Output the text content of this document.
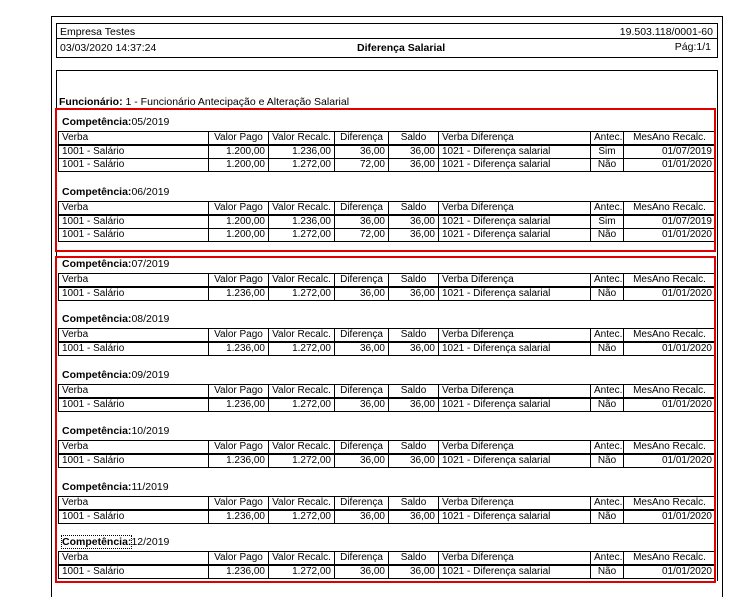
Empresa Testes	19.503.118/0001-60
03/03/2020 14:37:24	Diferença Salarial	Pág:1/1
Funcionário: 1 - Funcionário Antecipação e Alteração Salarial
Competência:05/2019
Verba	Valor Pago	Valor Recalc.	Diferença	Saldo	Verba Diferença	Antec.	MesAno Recalc.
1001 - Salário	1.200,00	1.236,00	36,00	36,00	1021 - Diferença salarial	Sim	01/07/2019
1001 - Salário	1.200,00	1.272,00	72,00	36,00	1021 - Diferença salarial	Não	01/01/2020
Competência:06/2019
Verba	Valor Pago	Valor Recalc.	Diferença	Saldo	Verba Diferença	Antec.	MesAno Recalc.
1001 - Salário	1.200,00	1.236,00	36,00	36,00	1021 - Diferença salarial	Sim	01/07/2019
1001 - Salário	1.200,00	1.272,00	72,00	36,00	1021 - Diferença salarial	Não	01/01/2020
Competência:07/2019
Verba	Valor Pago	Valor Recalc.	Diferença	Saldo	Verba Diferença	Antec.	MesAno Recalc.
1001 - Salário	1.236,00	1.272,00	36,00	36,00	1021 - Diferença salarial	Não	01/01/2020
Competência:08/2019
Verba	Valor Pago	Valor Recalc.	Diferença	Saldo	Verba Diferença	Antec.	MesAno Recalc.
1001 - Salário	1.236,00	1.272,00	36,00	36,00	1021 - Diferença salarial	Não	01/01/2020
Competência:09/2019
Verba	Valor Pago	Valor Recalc.	Diferença	Saldo	Verba Diferença	Antec.	MesAno Recalc.
1001 - Salário	1.236,00	1.272,00	36,00	36,00	1021 - Diferença salarial	Não	01/01/2020
Competência:10/2019
Verba	Valor Pago	Valor Recalc.	Diferença	Saldo	Verba Diferença	Antec.	MesAno Recalc.
1001 - Salário	1.236,00	1.272,00	36,00	36,00	1021 - Diferença salarial	Não	01/01/2020
Competência:11/2019
Verba	Valor Pago	Valor Recalc.	Diferença	Saldo	Verba Diferença	Antec.	MesAno Recalc.
1001 - Salário	1.236,00	1.272,00	36,00	36,00	1021 - Diferença salarial	Não	01/01/2020
Competência:12/2019
Verba	Valor Pago	Valor Recalc.	Diferença	Saldo	Verba Diferença	Antec.	MesAno Recalc.
1001 - Salário	1.236,00	1.272,00	36,00	36,00	1021 - Diferença salarial	Não	01/01/2020
